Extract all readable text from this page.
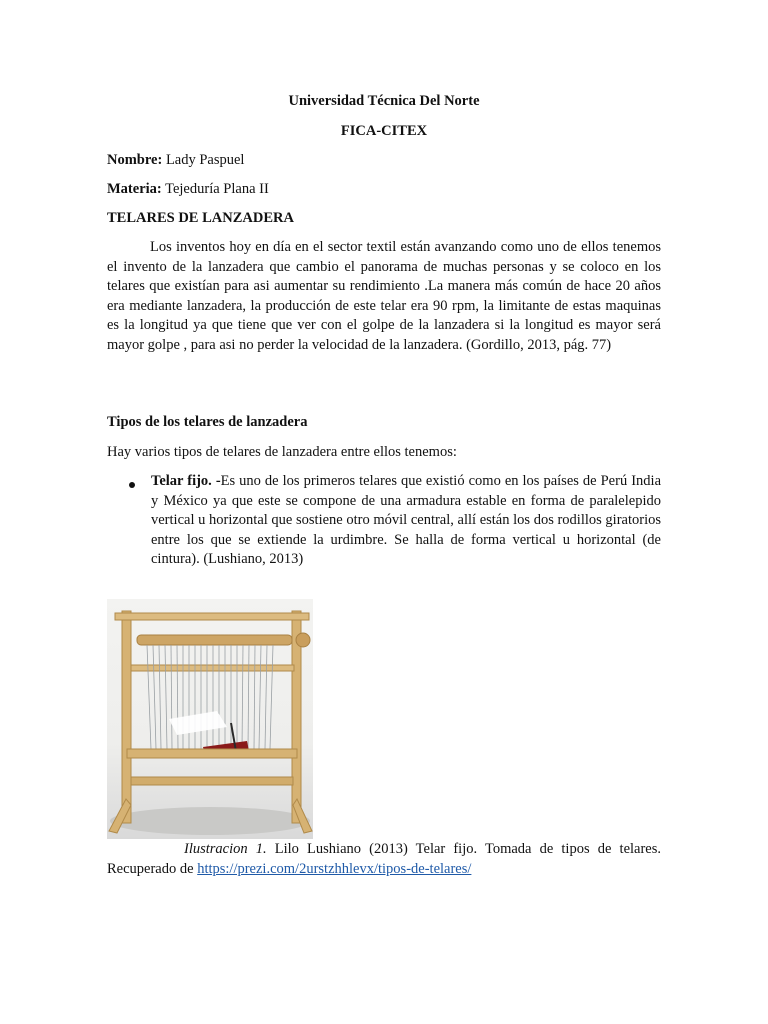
Universidad Técnica Del Norte
FICA-CITEX
Nombre: Lady Paspuel
Materia: Tejeduría Plana II
TELARES DE LANZADERA
Los inventos hoy en día en el sector textil están avanzando como uno de ellos tenemos el invento de la lanzadera que cambio el panorama de muchas personas y se coloco en los telares que existían para asi aumentar su rendimiento .La manera más común de hace 20 años era mediante lanzadera, la producción de este telar era 90 rpm, la limitante de estas maquinas es la longitud ya que tiene que ver con el golpe de la lanzadera si la longitud es mayor será mayor golpe , para asi no perder la velocidad de la lanzadera. (Gordillo, 2013, pág. 77)
Tipos de los telares de lanzadera
Hay varios tipos de telares de lanzadera entre ellos tenemos:
Telar fijo. -Es uno de los primeros telares que existió como en los países de Perú India y México ya que este se compone de una armadura estable en forma de paralelepido vertical u horizontal que sostiene otro móvil central, allí están los dos rodillos giratorios entre los que se extiende la urdimbre. Se halla de forma vertical u horizontal (de cintura). (Lushiano, 2013)
Ilustracion 1. Lilo Lushiano (2013) Telar fijo. Tomada de tipos de telares. Recuperado de https://prezi.com/2urstzhhlevx/tipos-de-telares/
